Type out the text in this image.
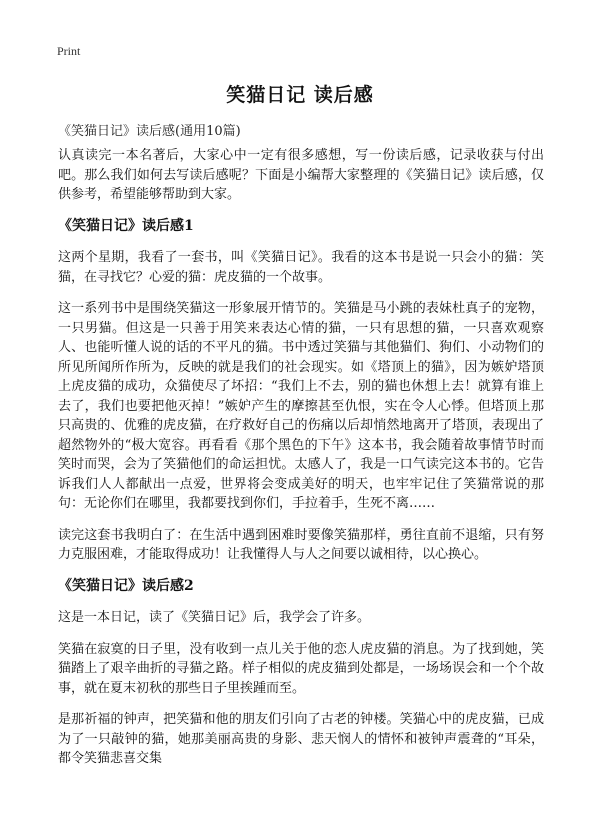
Print
笑猫日记 读后感
《笑猫日记》读后感(通用10篇)

认真读完一本名著后，大家心中一定有很多感想，写一份读后感，记录收获与付出吧。那么我们如何去写读后感呢？下面是小编帮大家整理的《笑猫日记》读后感，仅供参考，希望能够帮助到大家。

《笑猫日记》读后感1

这两个星期，我看了一套书，叫《笑猫日记》。我看的这本书是说一只会小的猫：笑猫，在寻找它？心爱的猫：虎皮猫的一个故事。

这一系列书中是围绕笑猫这一形象展开情节的。笑猫是马小跳的表妹杜真子的宠物，一只男猫。但这是一只善于用笑来表达心情的猫，一只有思想的猫，一只喜欢观察人、也能听懂人说的话的不平凡的猫。书中透过笑猫与其他猫们、狗们、小动物们的所见所闻所作所为，反映的就是我们的社会现实。如《塔顶上的猫》，因为嫉妒塔顶上虎皮猫的成功，众猫使尽了坏招：“我们上不去，别的猫也休想上去！就算有谁上去了，我们也要把他灭掉！”嫉妒产生的摩擦甚至仇恨，实在令人心悸。但塔顶上那只高贵的、优雅的虎皮猫，在疗救好自己的伤痛以后却悄然地离开了塔顶，表现出了超然物外的“极大宽容。再看看《那个黑色的下午》这本书，我会随着故事情节时而笑时而哭，会为了笑猫他们的命运担忧。太感人了，我是一口气读完这本书的。它告诉我们人人都献出一点爱，世界将会变成美好的明天，也牢牢记住了笑猫常说的那句：无论你们在哪里，我都要找到你们，手拉着手，生死不离……

读完这套书我明白了：在生活中遇到困难时要像笑猫那样，勇往直前不退缩，只有努力克服困难，才能取得成功！让我懂得人与人之间要以诚相待，以心换心。

《笑猫日记》读后感2

这是一本日记，读了《笑猫日记》后，我学会了许多。

笑猫在寂寞的日子里，没有收到一点儿关于他的恋人虎皮猫的消息。为了找到她，笑猫踏上了艰辛曲折的寻猫之路。样子相似的虎皮猫到处都是，一场场误会和一个个故事，就在夏末初秋的那些日子里挨踵而至。

是那祈福的钟声，把笑猫和他的朋友们引向了古老的钟楼。笑猫心中的虎皮猫，已成为了一只敲钟的猫，她那美丽高贵的身影、悲天悯人的情怀和被钟声震聋的“耳朵，都令笑猫悲喜交集
